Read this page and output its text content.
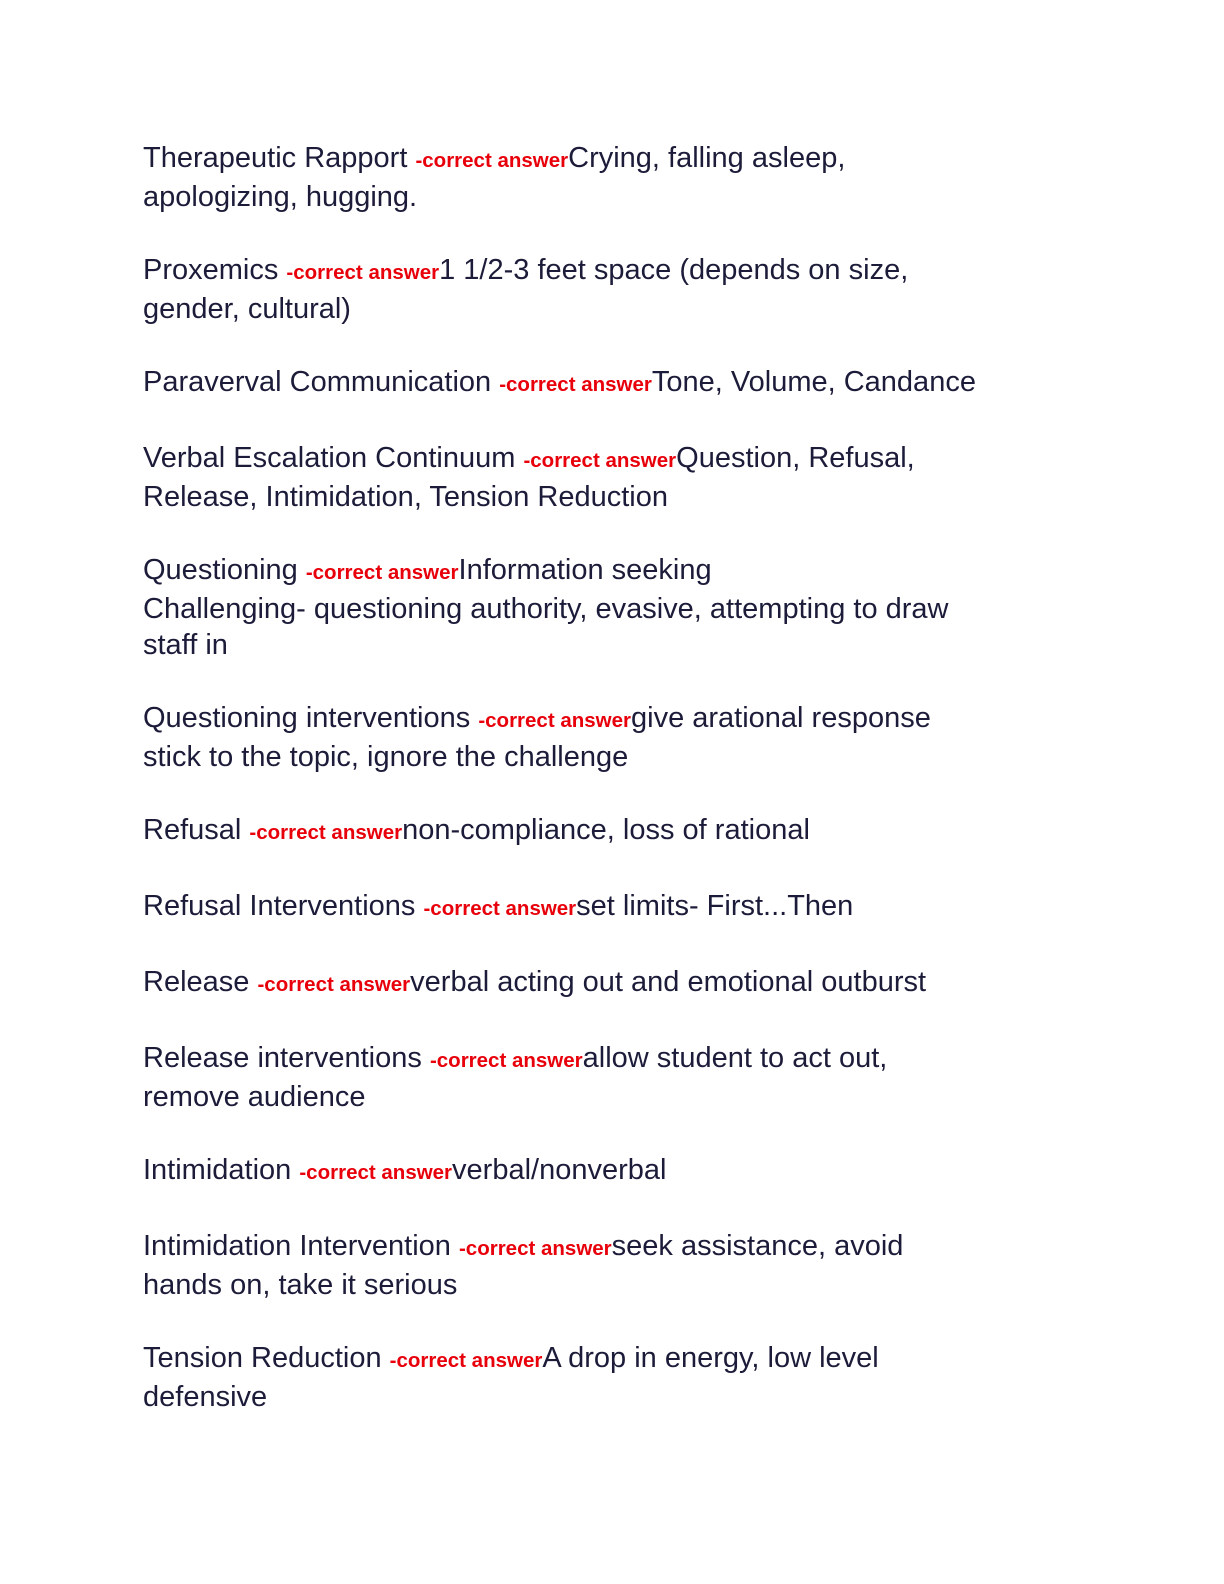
Therapeutic Rapport -correct answerCrying, falling asleep,
apologizing, hugging.

Proxemics -correct answer1 1/2-3 feet space (depends on size,
gender, cultural)

Paraverval Communication -correct answerTone, Volume, Candance

Verbal Escalation Continuum -correct answerQuestion, Refusal,
Release, Intimidation, Tension Reduction

Questioning -correct answerInformation seeking
Challenging- questioning authority, evasive, attempting to draw
staff in

Questioning interventions -correct answergive arational response
stick to the topic, ignore the challenge

Refusal -correct answernon-compliance, loss of rational

Refusal Interventions -correct answerset limits- First...Then

Release -correct answerverbal acting out and emotional outburst

Release interventions -correct answerallow student to act out,
remove audience

Intimidation -correct answerverbal/nonverbal

Intimidation Intervention -correct answerseek assistance, avoid
hands on, take it serious

Tension Reduction -correct answerA drop in energy, low level
defensive
